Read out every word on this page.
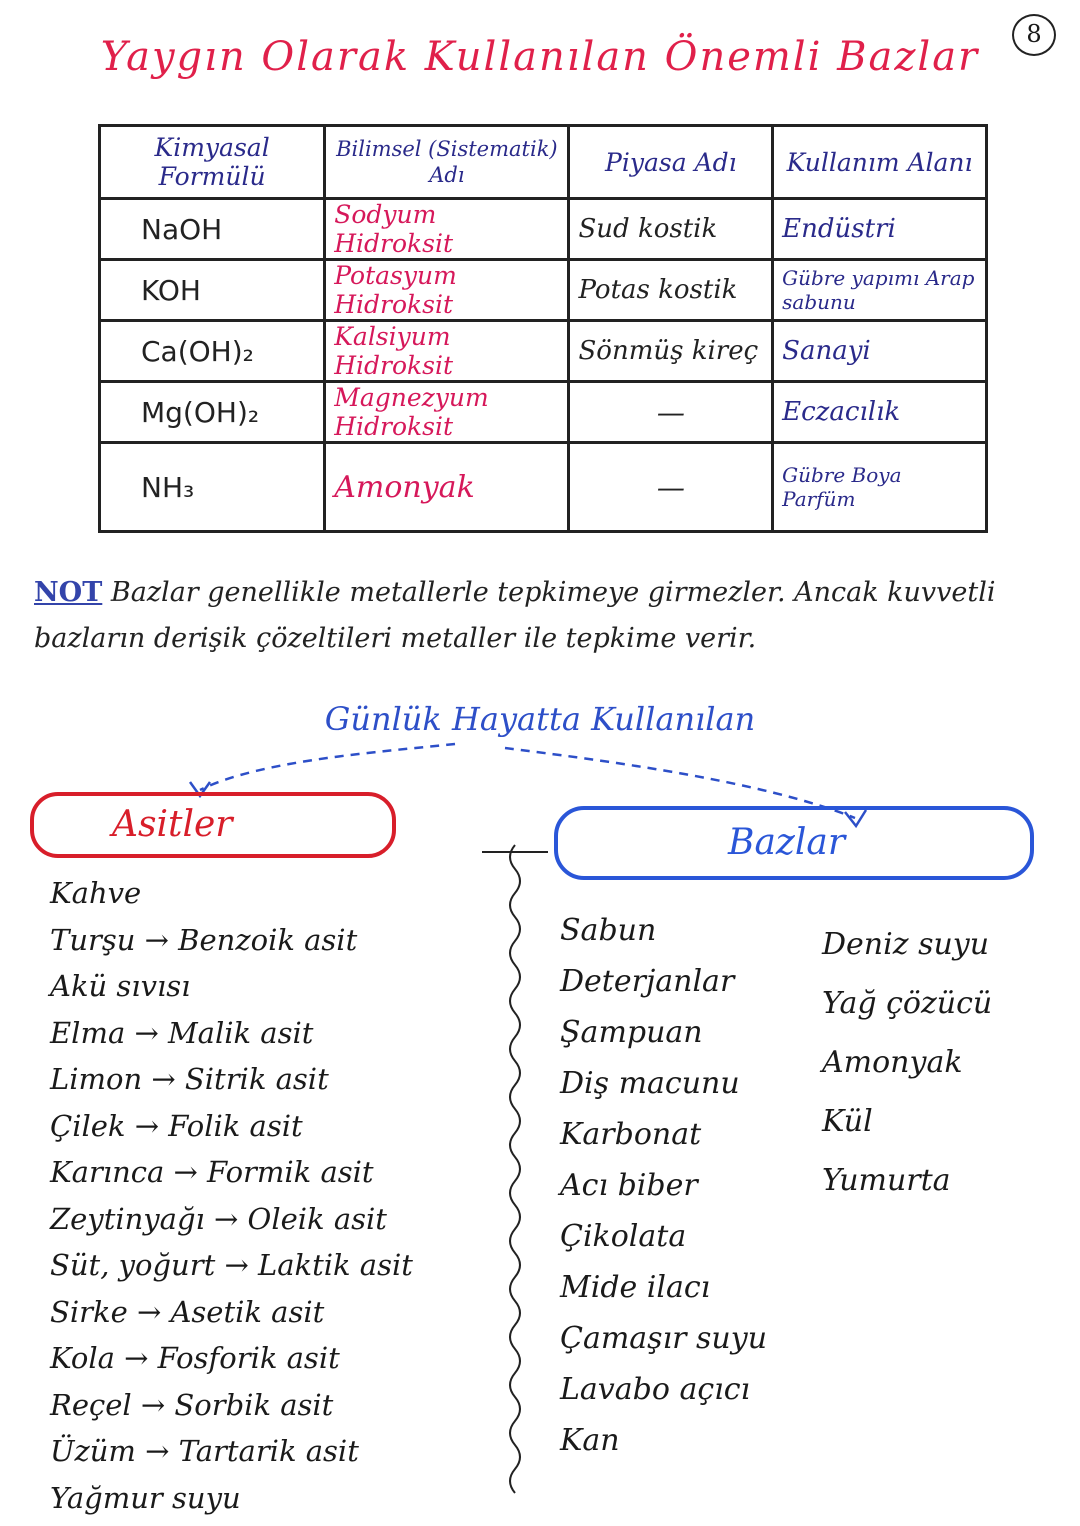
8
Yaygın Olarak Kullanılan Önemli Bazlar
Kimyasal Formülü	Bilimsel (Sistematik) Adı	Piyasa Adı	Kullanım Alanı
NaOH	Sodyum Hidroksit	Sud kostik	Endüstri
KOH	Potasyum Hidroksit	Potas kostik	Gübre yapımı Arap sabunu
Ca(OH)₂	Kalsiyum Hidroksit	Sönmüş kireç	Sanayi
Mg(OH)₂	Magnezyum Hidroksit	—	Eczacılık
NH₃	Amonyak	—	Gübre Boya Parfüm
NOT Bazlar genellikle metallerle tepkimeye girmezler. Ancak kuvvetli bazların derişik çözeltileri metaller ile tepkime verir.
Günlük Hayatta Kullanılan
Asitler	Bazlar
Kahve
Turşu → Benzoik asit
Akü sıvısı
Elma → Malik asit
Limon → Sitrik asit
Çilek → Folik asit
Karınca → Formik asit
Zeytinyağı → Oleik asit
Süt, yoğurt → Laktik asit
Sirke → Asetik asit
Kola → Fosforik asit
Reçel → Sorbik asit
Üzüm → Tartarik asit
Yağmur suyu
Sabun
Deterjanlar
Şampuan
Diş macunu
Karbonat
Acı biber
Çikolata
Mide ilacı
Çamaşır suyu
Lavabo açıcı
Kan
Deniz suyu
Yağ çözücü
Amonyak
Kül
Yumurta
